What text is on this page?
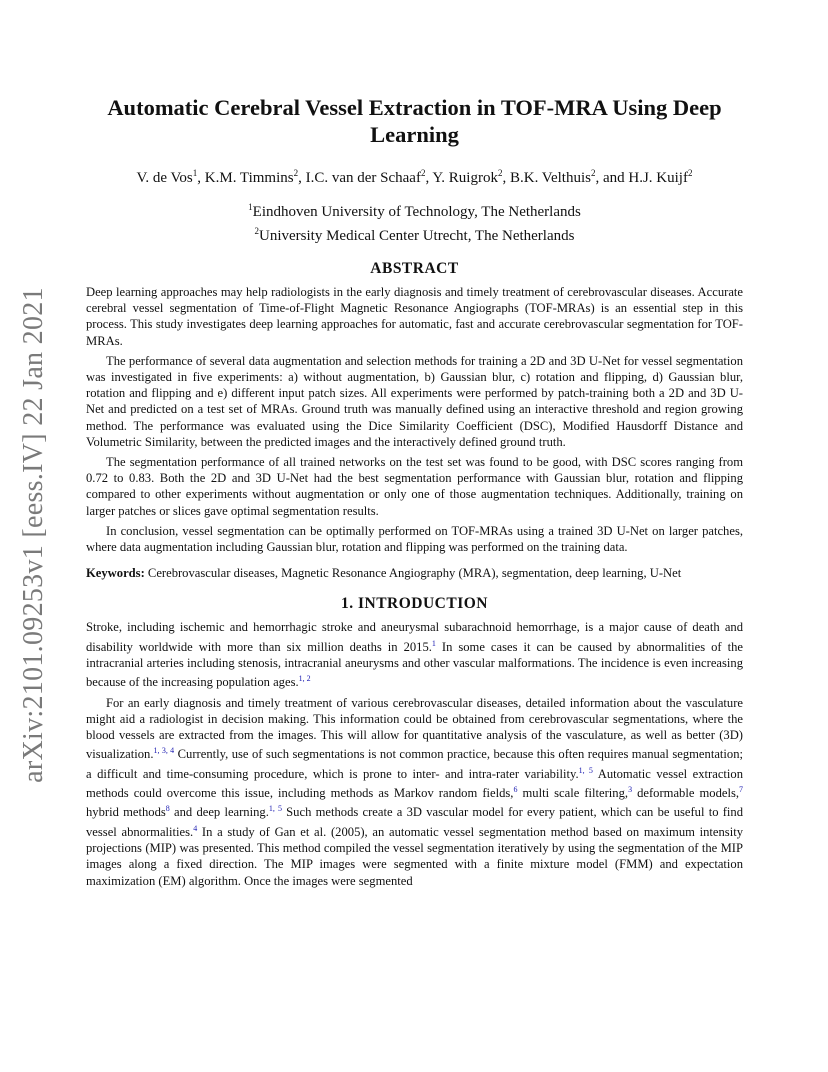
arXiv:2101.09253v1 [eess.IV] 22 Jan 2021
Automatic Cerebral Vessel Extraction in TOF-MRA Using Deep Learning
V. de Vos$^1$, K.M. Timmins$^2$, I.C. van der Schaaf$^2$, Y. Ruigrok$^2$, B.K. Velthuis$^2$, and H.J. Kuijf$^2$
$^1$Eindhoven University of Technology, The Netherlands
$^2$University Medical Center Utrecht, The Netherlands
ABSTRACT

Deep learning approaches may help radiologists in the early diagnosis and timely treatment of cerebrovascular diseases. Accurate cerebral vessel segmentation of Time-of-Flight Magnetic Resonance Angiographs (TOF-MRAs) is an essential step in this process. This study investigates deep learning approaches for automatic, fast and accurate cerebrovascular segmentation for TOF-MRAs.

The performance of several data augmentation and selection methods for training a 2D and 3D U-Net for vessel segmentation was investigated in five experiments: a) without augmentation, b) Gaussian blur, c) rotation and flipping, d) Gaussian blur, rotation and flipping and e) different input patch sizes. All experiments were performed by patch-training both a 2D and 3D U-Net and predicted on a test set of MRAs. Ground truth was manually defined using an interactive threshold and region growing method. The performance was evaluated using the Dice Similarity Coefficient (DSC), Modified Hausdorff Distance and Volumetric Similarity, between the predicted images and the interactively defined ground truth.

The segmentation performance of all trained networks on the test set was found to be good, with DSC scores ranging from 0.72 to 0.83. Both the 2D and 3D U-Net had the best segmentation performance with Gaussian blur, rotation and flipping compared to other experiments without augmentation or only one of those augmentation techniques. Additionally, training on larger patches or slices gave optimal segmentation results.

In conclusion, vessel segmentation can be optimally performed on TOF-MRAs using a trained 3D U-Net on larger patches, where data augmentation including Gaussian blur, rotation and flipping was performed on the training data.

Keywords: Cerebrovascular diseases, Magnetic Resonance Angiography (MRA), segmentation, deep learning, U-Net

1. INTRODUCTION

Stroke, including ischemic and hemorrhagic stroke and aneurysmal subarachnoid hemorrhage, is a major cause of death and disability worldwide with more than six million deaths in 2015.$^1$ In some cases it can be caused by abnormalities of the intracranial arteries including stenosis, intracranial aneurysms and other vascular malformations. The incidence is even increasing because of the increasing population ages.$^{1, 2}$

For an early diagnosis and timely treatment of various cerebrovascular diseases, detailed information about the vasculature might aid a radiologist in decision making. This information could be obtained from cerebrovascular segmentations, where the blood vessels are extracted from the images. This will allow for quantitative analysis of the vasculature, as well as better (3D) visualization.$^{1, 3, 4}$ Currently, use of such segmentations is not common practice, because this often requires manual segmentation; a difficult and time-consuming procedure, which is prone to inter- and intra-rater variability.$^{1, 5}$ Automatic vessel extraction methods could overcome this issue, including methods as Markov random fields,$^6$ multi scale filtering,$^3$ deformable models,$^7$ hybrid methods$^8$ and deep learning.$^{1, 5}$ Such methods create a 3D vascular model for every patient, which can be useful to find vessel abnormalities.$^4$ In a study of Gan et al. (2005), an automatic vessel segmentation method based on maximum intensity projections (MIP) was presented. This method compiled the vessel segmentation iteratively by using the segmentation of the MIP images along a fixed direction. The MIP images were segmented with a finite mixture model (FMM) and expectation maximization (EM) algorithm. Once the images were segmented
